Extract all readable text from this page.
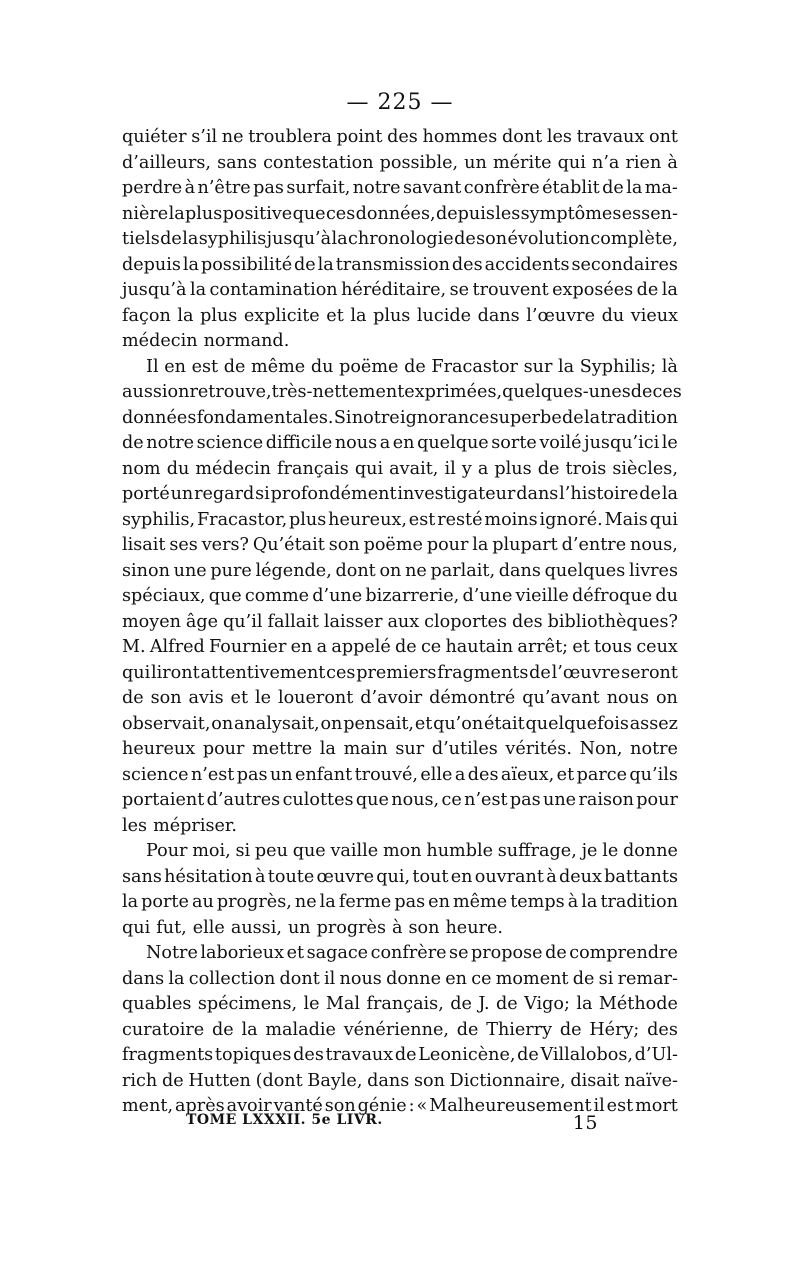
— 225 —
quiéter s’il ne troublera point des hommes dont les travaux ont
d’ailleurs, sans contestation possible, un mérite qui n’a rien à
perdre à n’être pas surfait, notre savant confrère établit de la ma-
nière la plus positive que ces données, depuis les symptômes essen-
tiels de la syphilis jusqu’à la chronologie de son évolution complète,
depuis la possibilité de la transmission des accidents secondaires
jusqu’à la contamination héréditaire, se trouvent exposées de la
façon la plus explicite et la plus lucide dans l’œuvre du vieux
médecin normand.
Il en est de même du poëme de Fracastor sur la Syphilis; là
aussi on retrouve, très-nettement exprimées, quelques-unes de ces
données fondamentales. Si notre ignorance superbe de la tradition
de notre science difficile nous a en quelque sorte voilé jusqu’ici le
nom du médecin français qui avait, il y a plus de trois siècles,
porté un regard si profondément investigateur dans l’histoire de la
syphilis, Fracastor, plus heureux, est resté moins ignoré. Mais qui
lisait ses vers? Qu’était son poëme pour la plupart d’entre nous,
sinon une pure légende, dont on ne parlait, dans quelques livres
spéciaux, que comme d’une bizarrerie, d’une vieille défroque du
moyen âge qu’il fallait laisser aux cloportes des bibliothèques?
M. Alfred Fournier en a appelé de ce hautain arrêt; et tous ceux
qui liront attentivement ces premiers fragments de l’œuvre seront
de son avis et le loueront d’avoir démontré qu’avant nous on
observait, on analysait, on pensait, et qu’on était quelquefois assez
heureux pour mettre la main sur d’utiles vérités. Non, notre
science n’est pas un enfant trouvé, elle a des aïeux, et parce qu’ils
portaient d’autres culottes que nous, ce n’est pas une raison pour
les mépriser.
Pour moi, si peu que vaille mon humble suffrage, je le donne
sans hésitation à toute œuvre qui, tout en ouvrant à deux battants
la porte au progrès, ne la ferme pas en même temps à la tradition
qui fut, elle aussi, un progrès à son heure.
Notre laborieux et sagace confrère se propose de comprendre
dans la collection dont il nous donne en ce moment de si remar-
quables spécimens, le Mal français, de J. de Vigo; la Méthode
curatoire de la maladie vénérienne, de Thierry de Héry; des
fragments topiques des travaux de Leonicène, de Villalobos, d’Ul-
rich de Hutten (dont Bayle, dans son Dictionnaire, disait naïve-
ment, après avoir vanté son génie : « Malheureusement il est mort
TOME LXXXII. 5e LIVR.	15
